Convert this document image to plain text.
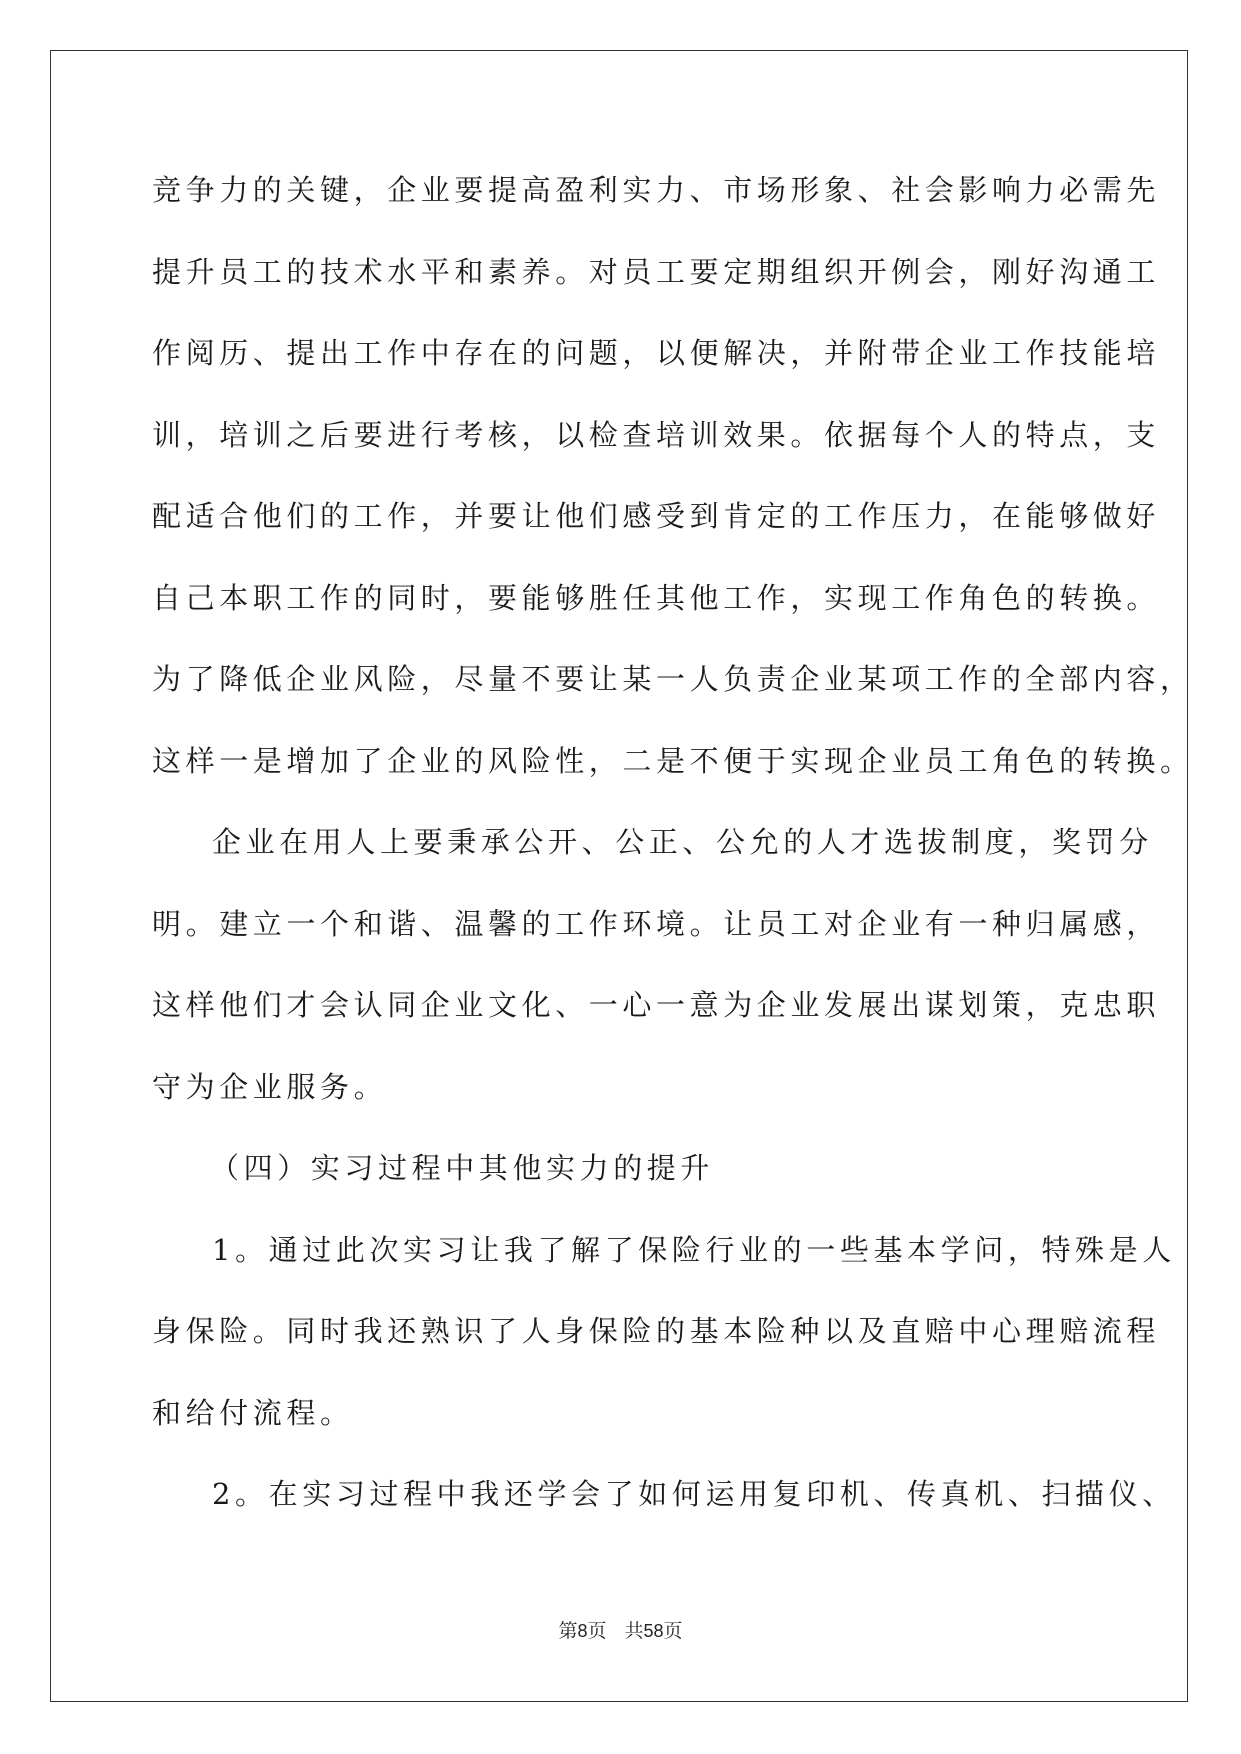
竞争力的关键，企业要提高盈利实力、市场形象、社会影响力必需先
提升员工的技术水平和素养。对员工要定期组织开例会，刚好沟通工
作阅历、提出工作中存在的问题，以便解决，并附带企业工作技能培
训，培训之后要进行考核，以检查培训效果。依据每个人的特点，支
配适合他们的工作，并要让他们感受到肯定的工作压力，在能够做好
自己本职工作的同时，要能够胜任其他工作，实现工作角色的转换。
为了降低企业风险，尽量不要让某一人负责企业某项工作的全部内容，
这样一是增加了企业的风险性，二是不便于实现企业员工角色的转换。
企业在用人上要秉承公开、公正、公允的人才选拔制度，奖罚分
明。建立一个和谐、温馨的工作环境。让员工对企业有一种归属感，
这样他们才会认同企业文化、一心一意为企业发展出谋划策，克忠职
守为企业服务。
（四）实习过程中其他实力的提升
1。通过此次实习让我了解了保险行业的一些基本学问，特殊是人
身保险。同时我还熟识了人身保险的基本险种以及直赔中心理赔流程
和给付流程。
2。在实习过程中我还学会了如何运用复印机、传真机、扫描仪、
第8页 共58页
